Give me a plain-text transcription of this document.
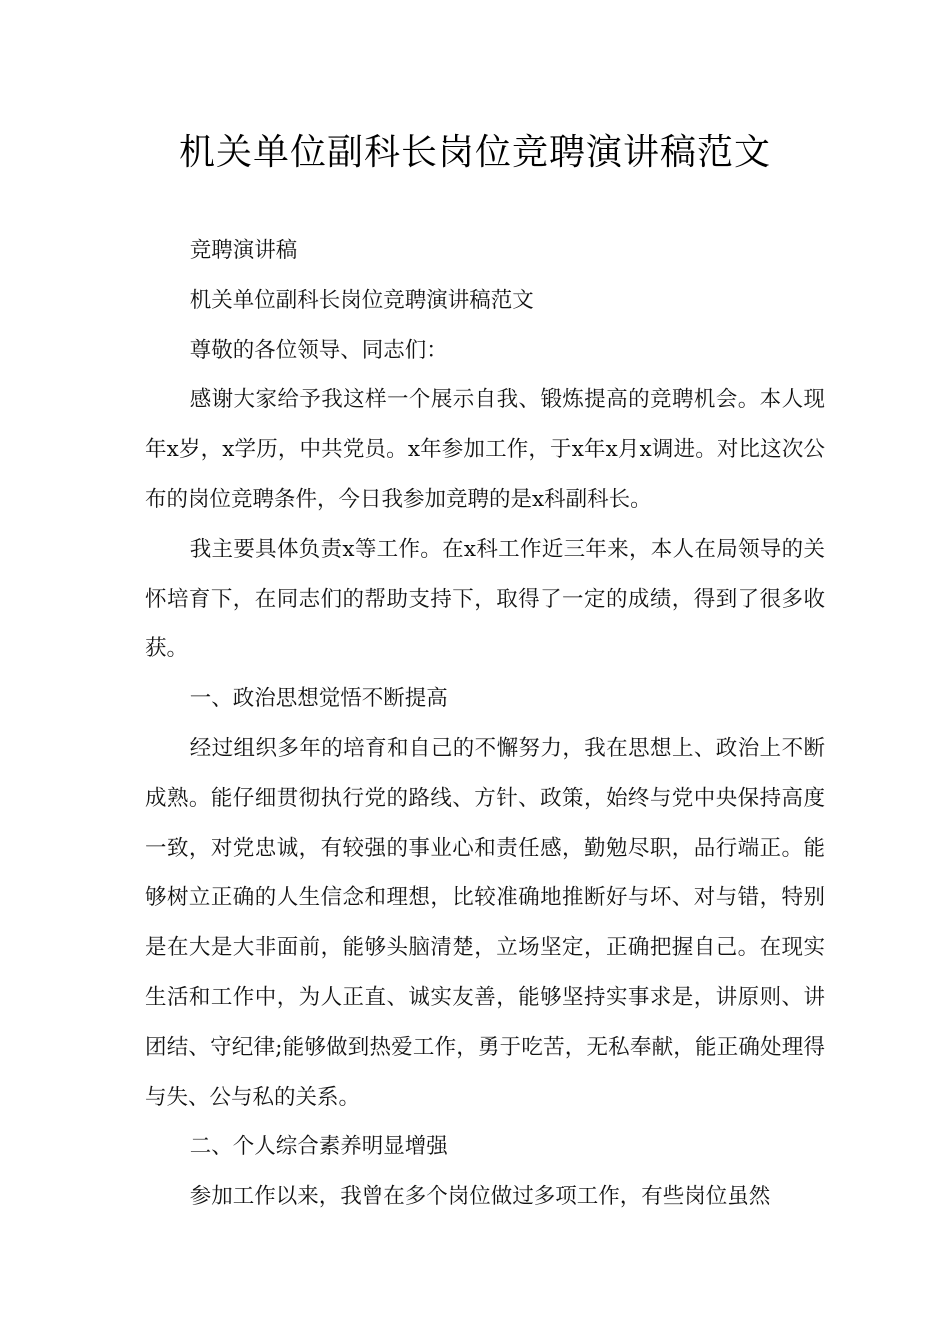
机关单位副科长岗位竞聘演讲稿范文

竞聘演讲稿

机关单位副科长岗位竞聘演讲稿范文

尊敬的各位领导、同志们：

感谢大家给予我这样一个展示自我、锻炼提高的竞聘机会。本人现年x岁，x学历，中共党员。x年参加工作，于x年x月x调进。对比这次公布的岗位竞聘条件，今日我参加竞聘的是x科副科长。

我主要具体负责x等工作。在x科工作近三年来，本人在局领导的关怀培育下，在同志们的帮助支持下，取得了一定的成绩，得到了很多收获。

一、政治思想觉悟不断提高

经过组织多年的培育和自己的不懈努力，我在思想上、政治上不断成熟。能仔细贯彻执行党的路线、方针、政策，始终与党中央保持高度一致，对党忠诚，有较强的事业心和责任感，勤勉尽职，品行端正。能够树立正确的人生信念和理想，比较准确地推断好与坏、对与错，特别是在大是大非面前，能够头脑清楚，立场坚定，正确把握自己。在现实生活和工作中，为人正直、诚实友善，能够坚持实事求是，讲原则、讲团结、守纪律;能够做到热爱工作，勇于吃苦，无私奉献，能正确处理得与失、公与私的关系。

二、个人综合素养明显增强

参加工作以来，我曾在多个岗位做过多项工作，有些岗位虽然
